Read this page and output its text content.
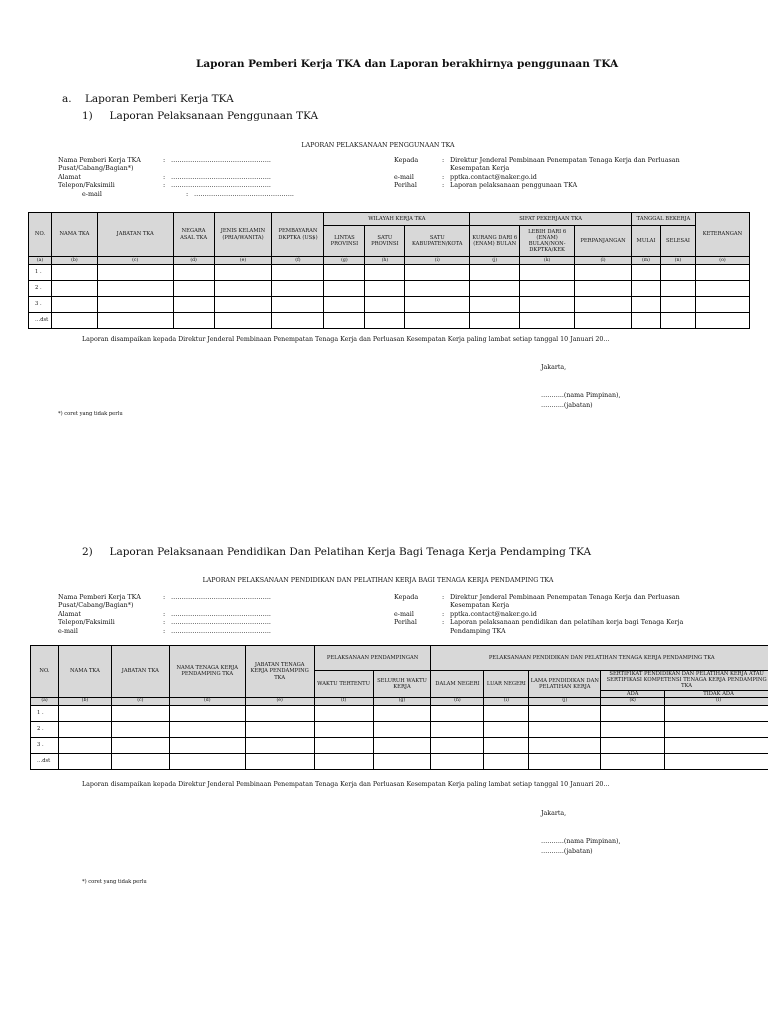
Laporan Pemberi Kerja TKA dan Laporan berakhirnya penggunaan TKA
a.    Laporan Pemberi Kerja TKA
1)     Laporan Pelaksanaan Penggunaan TKA
LAPORAN PELAKSANAAN PENGGUNAAN TKA
Nama Pemberi Kerja TKA	: ………………………………………..
Pusat/Cabang/Bagian*)
Alamat	: ………………………………………..
Telepon/Faksimili	: ………………………………………..
e-mail	: ………………………………………..
Kepada	: Direktur Jenderal Pembinaan Penempatan Tenaga Kerja dan Perluasan
Kesempatan Kerja
e-mail	: pptka.contact@naker.go.id
Perihal	: Laporan pelaksanaan penggunaan TKA
NO.	NAMA TKA	JABATAN TKA	NEGARA ASAL TKA	JENIS KELAMIN (PRIA/WANITA)	PEMBAYARAN DKPTKA (US$)	WILAYAH KERJA TKA			SIFAT PEKERJAAN TKA			TANGGAL BEKERJA		KETERANGAN
						LINTAS PROVINSI	SATU PROVINSI	SATU KABUPATEN/KOTA	KURANG DARI 6 (ENAM) BULAN	LEBIH DARI 6 (ENAM) BULAN/NON-DKPTKA/KEK	PERPANJANGAN	MULAI	SELESAI	
(a)	(b)	(c)	(d)	(e)	(f)	(g)	(h)	(i)	(j)	(k)	(l)	(m)	(n)	(o)
1 .														
2 .														
3 .														
…dst														
Laporan disampaikan kepada Direktur Jenderal Pembinaan Penempatan Tenaga Kerja dan Perluasan Kesempatan Kerja paling lambat setiap tanggal 10 Januari 20…
Jakarta,
………..(nama Pimpinan),
………..(jabatan)
*) coret yang tidak perlu
2)     Laporan Pelaksanaan Pendidikan Dan Pelatihan Kerja Bagi Tenaga Kerja Pendamping TKA
LAPORAN PELAKSANAAN PENDIDIKAN DAN PELATIHAN KERJA BAGI TENAGA KERJA PENDAMPING TKA
Nama Pemberi Kerja TKA	: ………………………………………..
Pusat/Cabang/Bagian*)
Alamat	: ………………………………………..
Telepon/Faksimili	: ………………………………………..
e-mail	: ………………………………………..
Kepada	: Direktur Jenderal Pembinaan Penempatan Tenaga Kerja dan Perluasan
Kesempatan Kerja
e-mail	: pptka.contact@naker.go.id
Perihal	: Laporan pelaksanaan pendidikan dan pelatihan kerja bagi Tenaga Kerja
Pendamping TKA
NO.	NAMA TKA	JABATAN TKA	NAMA TENAGA KERJA PENDAMPING TKA	JABATAN TENAGA KERJA PENDAMPING TKA	PELAKSANAAN PENDAMPINGAN		PELAKSANAAN PENDIDIKAN DAN PELATIHAN TENAGA KERJA PENDAMPING TKA				
					WAKTU TERTENTU	SELURUH WAKTU KERJA	DALAM NEGERI	LUAR NEGERI	LAMA PENDIDIKAN DAN PELATIHAN KERJA	SERTIFIKAT PENDIDIKAN DAN PELATIHAN KERJA ATAU SERTIFIKASI KOMPETENSI TENAGA KERJA PENDAMPING TKA	
										ADA	TIDAK ADA
(a)	(b)	(c)	(d)	(e)	(f)	(g)	(h)	(i)	(j)	(k)	(l)
1 .											
2 .											
3 .											
…dst											
Laporan disampaikan kepada Direktur Jenderal Pembinaan Penempatan Tenaga Kerja dan Perluasan Kesempatan Kerja paling lambat setiap tanggal 10 Januari 20…
Jakarta,
………..(nama Pimpinan),
………..(jabatan)
*) coret yang tidak perlu
